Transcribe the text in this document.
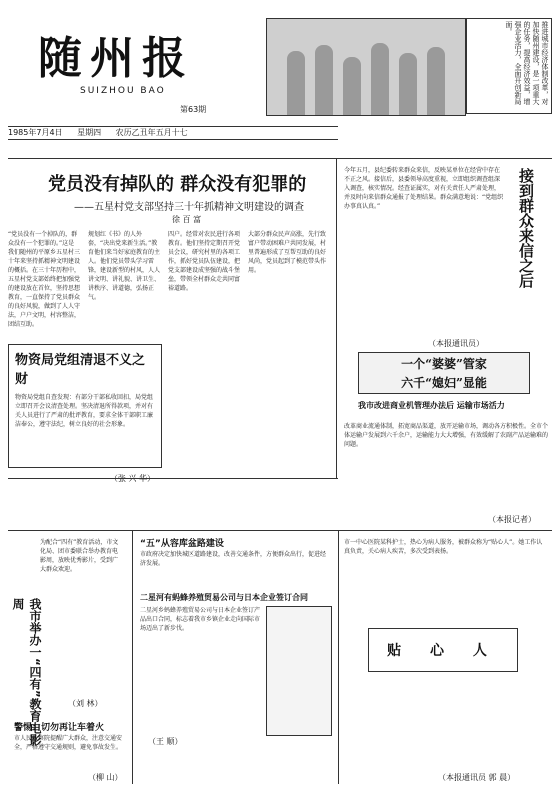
随州报
SUIZHOU BAO
第63期
1985年7月4日 星期四 农历乙丑年五月十七
推进城市经济体制改革，对加快随州建设，是一项重大的任务，提高经济效益，增强企业活力，全面开创新局面。
党员没有掉队的 群众没有犯罪的
——五星村党支部坚持三十年抓精神文明建设的调查
徐 百 富
“党员没有一个掉队的，群众没有一个犯罪的。”这是我们随州的平原乡五星村三十年来坚持抓精神文明建设的概括。在三十年历程中，五星村党支部始终把加强党的建设放在首位，坚持思想教育，一直保持了党员群众的良好风貌，做到了人人守法，户户文明，村容整洁，团结互助。
规划红《书》的人外套，“决出党来新生活。”教育他们来当好家庭教育的主人。他们党员带头学习雷锋，建设新型的村风，人人讲文明、讲礼貌、讲卫生、讲秩序、讲道德，弘扬正气。
四户。经常对农民进行各项教育。他们坚持定期召开党员会议，研究村里的各项工作，抓好党员队伍建设，把党支部建设成坚强的战斗堡垒，带领全村群众走共同富裕道路。
大部分群众民声高涨，先行致富户带动困难户共同发展，村里普遍形成了互帮互助的良好风尚，党员起到了模范带头作用。
物资局党组清退不义之财
物资局党组自查发现：有部分干部私收回扣，局党组立即召开会议清查处理。坚决清退所得款项，并对有关人员进行了严肃的批评教育，要求全体干部职工廉洁奉公，遵守法纪，树立良好的社会形象。
今年五月，县纪委转来群众来信，反映某单位在经营中存在不正之风。接信后，县委领导高度重视，立即组织调查组深入调查，核实情况。经查证属实，对有关责任人严肃处理，并及时向来信群众通报了处理结果。群众满意地说：“党组织办事真认真。”	接到群众来信之后
（本报通讯员）
一个“婆婆”管家
六千“媳妇”显能
我市改进商业机管理办法后 运输市场活力
改革商业流通体制，拓宽商品渠道，放开运输市场，调动各方积极性。全市个体运输户发展到六千余户，运输能力大大增强，有效缓解了农副产品运输难的问题。
（本报记者）
我市举办一“四有”教育电影周
为配合“四有”教育活动，市文化局、团市委联合举办教育电影周，放映优秀影片，受到广大群众欢迎。
（刘 林）
警惕：切勿再让车着火
市人民检察院提醒广大群众，注意交通安全，严格遵守交通规则，避免事故发生。
（柳 山）
“五”从容库盆路建设
市政府决定加快城区道路建设，改善交通条件，方便群众出行，促进经济发展。
二星河有蚂蜂养殖贸易公司与日本企业签订合同
二星河乡蚂蜂养殖贸易公司与日本企业签订产品出口合同，标志着我市乡镇企业走向国际市场迈出了新步伐。
（王 顺）
市一中心医院某科护士，热心为病人服务，被群众称为“贴心人”。她工作认真负责，关心病人疾苦，多次受到表扬。
贴 心 人
（本报通讯员 郭 晨）
